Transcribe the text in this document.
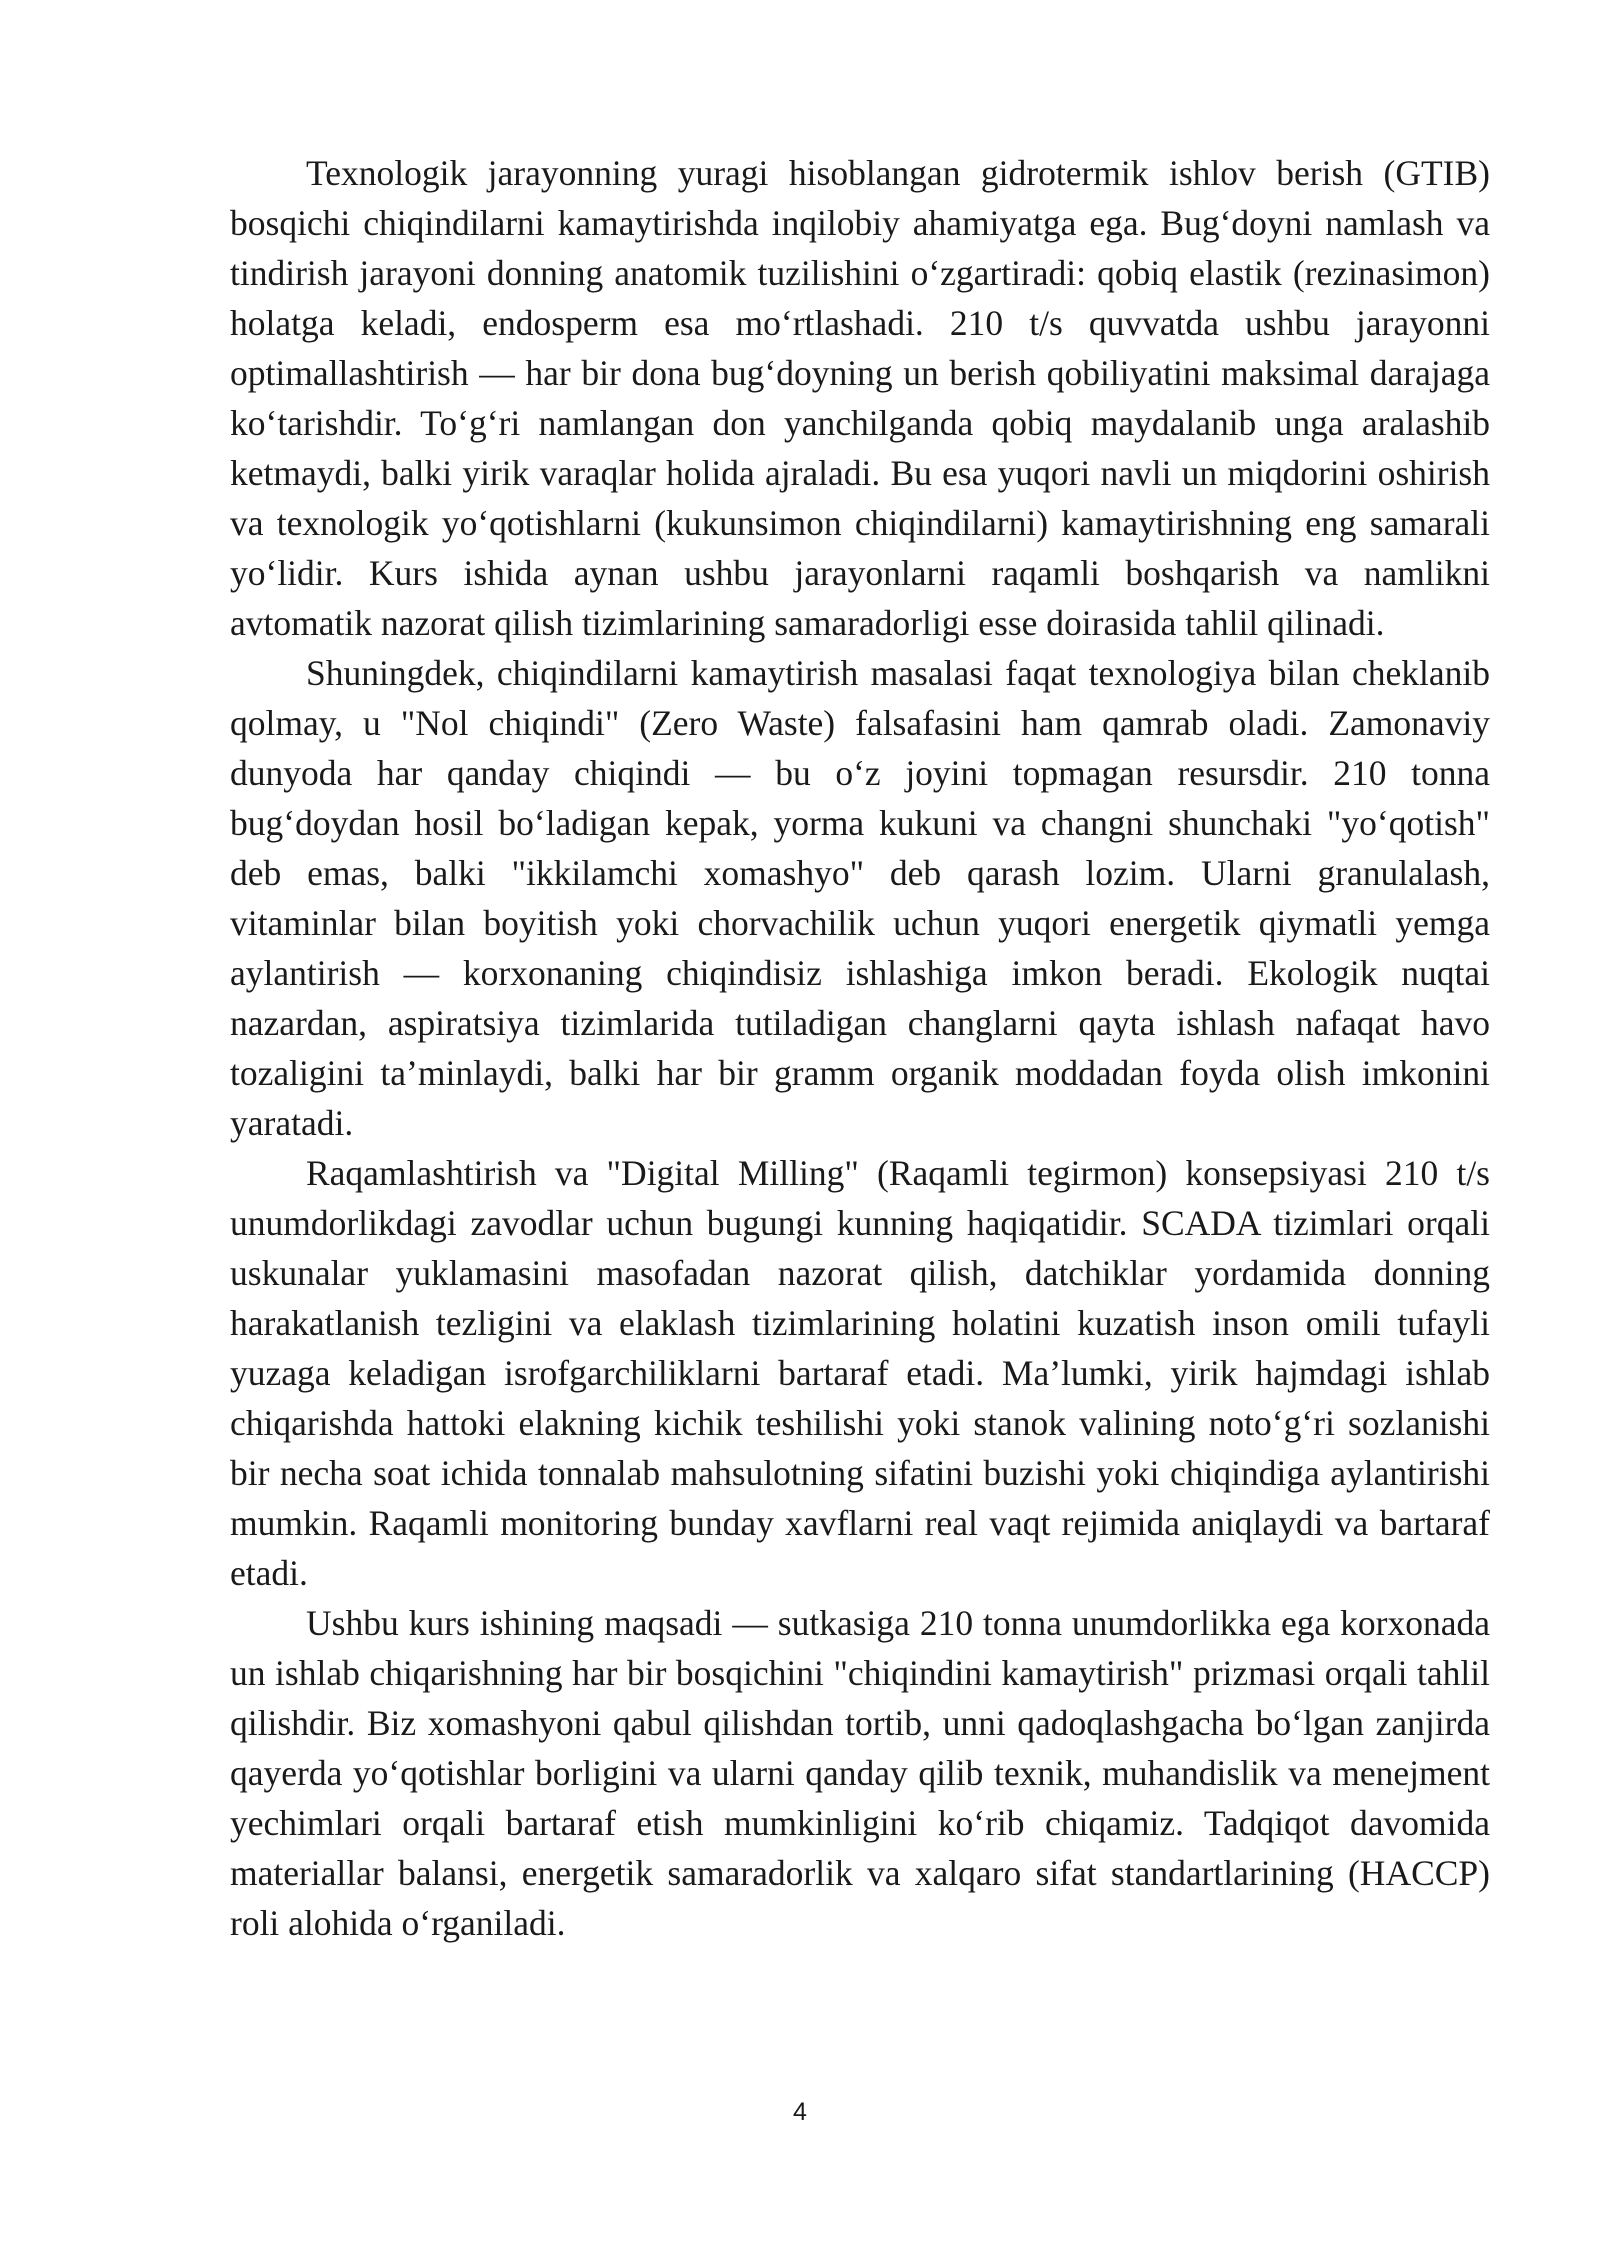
Texnologik jarayonning yuragi hisoblangan gidrotermik ishlov berish (GTIB) bosqichi chiqindilarni kamaytirishda inqilobiy ahamiyatga ega. Bug‘doyni namlash va tindirish jarayoni donning anatomik tuzilishini o‘zgartiradi: qobiq elastik (rezinasimon) holatga keladi, endosperm esa mo‘rtlashadi. 210 t/s quvvatda ushbu jarayonni optimallashtirish — har bir dona bug‘doyning un berish qobiliyatini maksimal darajaga ko‘tarishdir. To‘g‘ri namlangan don yanchilganda qobiq maydalanib unga aralashib ketmaydi, balki yirik varaqlar holida ajraladi. Bu esa yuqori navli un miqdorini oshirish va texnologik yo‘qotishlarni (kukunsimon chiqindilarni) kamaytirishning eng samarali yo‘lidir. Kurs ishida aynan ushbu jarayonlarni raqamli boshqarish va namlikni avtomatik nazorat qilish tizimlarining samaradorligi esse doirasida tahlil qilinadi.

Shuningdek, chiqindilarni kamaytirish masalasi faqat texnologiya bilan cheklanib qolmay, u "Nol chiqindi" (Zero Waste) falsafasini ham qamrab oladi. Zamonaviy dunyoda har qanday chiqindi — bu o‘z joyini topmagan resursdir. 210 tonna bug‘doydan hosil bo‘ladigan kepak, yorma kukuni va changni shunchaki "yo‘qotish" deb emas, balki "ikkilamchi xomashyo" deb qarash lozim. Ularni granulalash, vitaminlar bilan boyitish yoki chorvachilik uchun yuqori energetik qiymatli yemga aylantirish — korxonaning chiqindisiz ishlashiga imkon beradi. Ekologik nuqtai nazardan, aspiratsiya tizimlarida tutiladigan changlarni qayta ishlash nafaqat havo tozaligini ta’minlaydi, balki har bir gramm organik moddadan foyda olish imkonini yaratadi.

Raqamlashtirish va "Digital Milling" (Raqamli tegirmon) konsepsiyasi 210 t/s unumdorlikdagi zavodlar uchun bugungi kunning haqiqatidir. SCADA tizimlari orqali uskunalar yuklamasini masofadan nazorat qilish, datchiklar yordamida donning harakatlanish tezligini va elaklash tizimlarining holatini kuzatish inson omili tufayli yuzaga keladigan isrofgarchiliklarni bartaraf etadi. Ma’lumki, yirik hajmdagi ishlab chiqarishda hattoki elakning kichik teshilishi yoki stanok valining noto‘g‘ri sozlanishi bir necha soat ichida tonnalab mahsulotning sifatini buzishi yoki chiqindiga aylantirishi mumkin. Raqamli monitoring bunday xavflarni real vaqt rejimida aniqlaydi va bartaraf etadi.

Ushbu kurs ishining maqsadi — sutkasiga 210 tonna unumdorlikka ega korxonada un ishlab chiqarishning har bir bosqichini "chiqindini kamaytirish" prizmasi orqali tahlil qilishdir. Biz xomashyoni qabul qilishdan tortib, unni qadoqlashgacha bo‘lgan zanjirda qayerda yo‘qotishlar borligini va ularni qanday qilib texnik, muhandislik va menejment yechimlari orqali bartaraf etish mumkinligini ko‘rib chiqamiz. Tadqiqot davomida materiallar balansi, energetik samaradorlik va xalqaro sifat standartlarining (HACCP) roli alohida o‘rganiladi.

4
